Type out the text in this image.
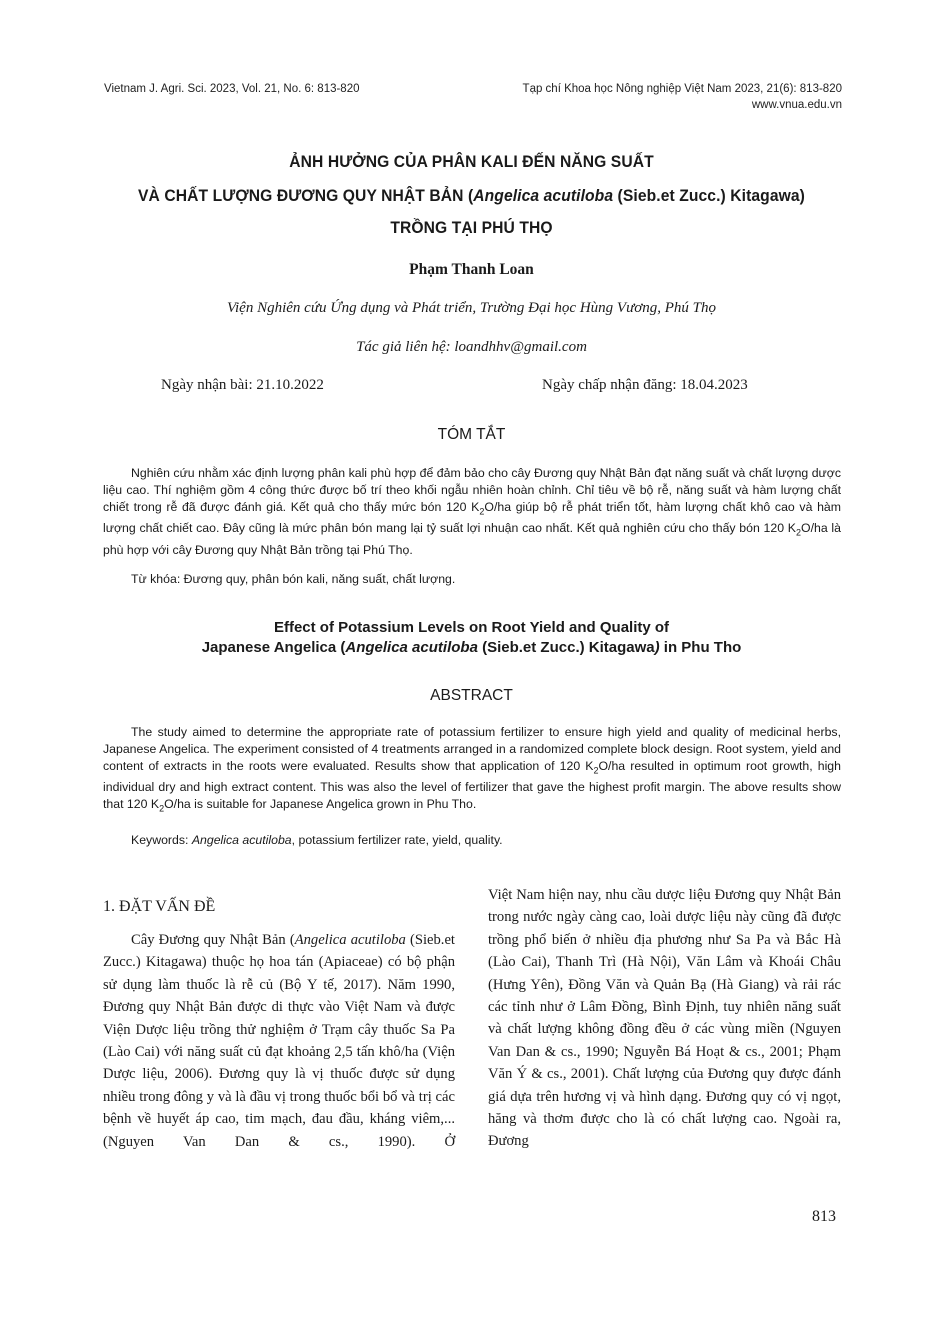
Vietnam J. Agri. Sci. 2023, Vol. 21, No. 6: 813-820	Tạp chí Khoa học Nông nghiệp Việt Nam 2023, 21(6): 813-820
www.vnua.edu.vn
ẢNH HƯỞNG CỦA PHÂN KALI ĐẾN NĂNG SUẤT
VÀ CHẤT LƯỢNG ĐƯƠNG QUY NHẬT BẢN (Angelica acutiloba (Sieb.et Zucc.) Kitagawa)
TRỒNG TẠI PHÚ THỌ
Phạm Thanh Loan
Viện Nghiên cứu Ứng dụng và Phát triển, Trường Đại học Hùng Vương, Phú Thọ
Tác giả liên hệ: loandhhv@gmail.com
Ngày nhận bài: 21.10.2022	Ngày chấp nhận đăng: 18.04.2023
TÓM TẮT
Nghiên cứu nhằm xác định lượng phân kali phù hợp để đảm bảo cho cây Đương quy Nhật Bản đạt năng suất và chất lượng dược liệu cao. Thí nghiệm gồm 4 công thức được bố trí theo khối ngẫu nhiên hoàn chỉnh. Chỉ tiêu về bộ rễ, năng suất và hàm lượng chất chiết trong rễ đã được đánh giá. Kết quả cho thấy mức bón 120 $K_2O/ha$ giúp bộ rễ phát triển tốt, hàm lượng chất khô cao và hàm lượng chất chiết cao. Đây cũng là mức phân bón mang lại tỷ suất lợi nhuận cao nhất. Kết quả nghiên cứu cho thấy bón 120 $K_2O/ha$ là phù hợp với cây Đương quy Nhật Bản trồng tại Phú Thọ.
Từ khóa: Đương quy, phân bón kali, năng suất, chất lượng.
Effect of Potassium Levels on Root Yield and Quality of
Japanese Angelica (Angelica acutiloba (Sieb.et Zucc.) Kitagawa) in Phu Tho
ABSTRACT
The study aimed to determine the appropriate rate of potassium fertilizer to ensure high yield and quality of medicinal herbs, Japanese Angelica. The experiment consisted of 4 treatments arranged in a randomized complete block design. Root system, yield and content of extracts in the roots were evaluated. Results show that application of 120 $K_2O/ha$ resulted in optimum root growth, high individual dry and high extract content. This was also the level of fertilizer that gave the highest profit margin. The above results show that 120 $K_2O/ha$ is suitable for Japanese Angelica grown in Phu Tho.
Keywords: Angelica acutiloba, potassium fertilizer rate, yield, quality.
1. ĐẶT VẤN ĐỀ
Cây Đương quy Nhật Bản (Angelica acutiloba (Sieb.et Zucc.) Kitagawa) thuộc họ hoa tán (Apiaceae) có bộ phận sử dụng làm thuốc là rễ củ (Bộ Y tế, 2017). Năm 1990, Đương quy Nhật Bản được di thực vào Việt Nam và được Viện Dược liệu trồng thử nghiệm ở Trạm cây thuốc Sa Pa (Lào Cai) với năng suất củ đạt khoảng 2,5 tấn khô/ha (Viện Dược liệu, 2006). Đương quy là vị thuốc được sử dụng nhiều trong đông y và là đầu vị trong thuốc bổi bổ và trị các bệnh về huyết áp cao, tim mạch, đau đầu, kháng viêm,... (Nguyen Van Dan & cs., 1990). Ở
Việt Nam hiện nay, nhu cầu dược liệu Đương quy Nhật Bản trong nước ngày càng cao, loài dược liệu này cũng đã được trồng phổ biến ở nhiều địa phương như Sa Pa và Bắc Hà (Lào Cai), Thanh Trì (Hà Nội), Văn Lâm và Khoái Châu (Hưng Yên), Đồng Văn và Quản Bạ (Hà Giang) và rải rác các tỉnh như ở Lâm Đồng, Bình Định, tuy nhiên năng suất và chất lượng không đồng đều ở các vùng miền (Nguyen Van Dan & cs., 1990; Nguyễn Bá Hoạt & cs., 2001; Phạm Văn Ý & cs., 2001). Chất lượng của Đương quy được đánh giá dựa trên hương vị và hình dạng. Đương quy có vị ngọt, hăng và thơm được cho là có chất lượng cao. Ngoài ra, Đương
813
